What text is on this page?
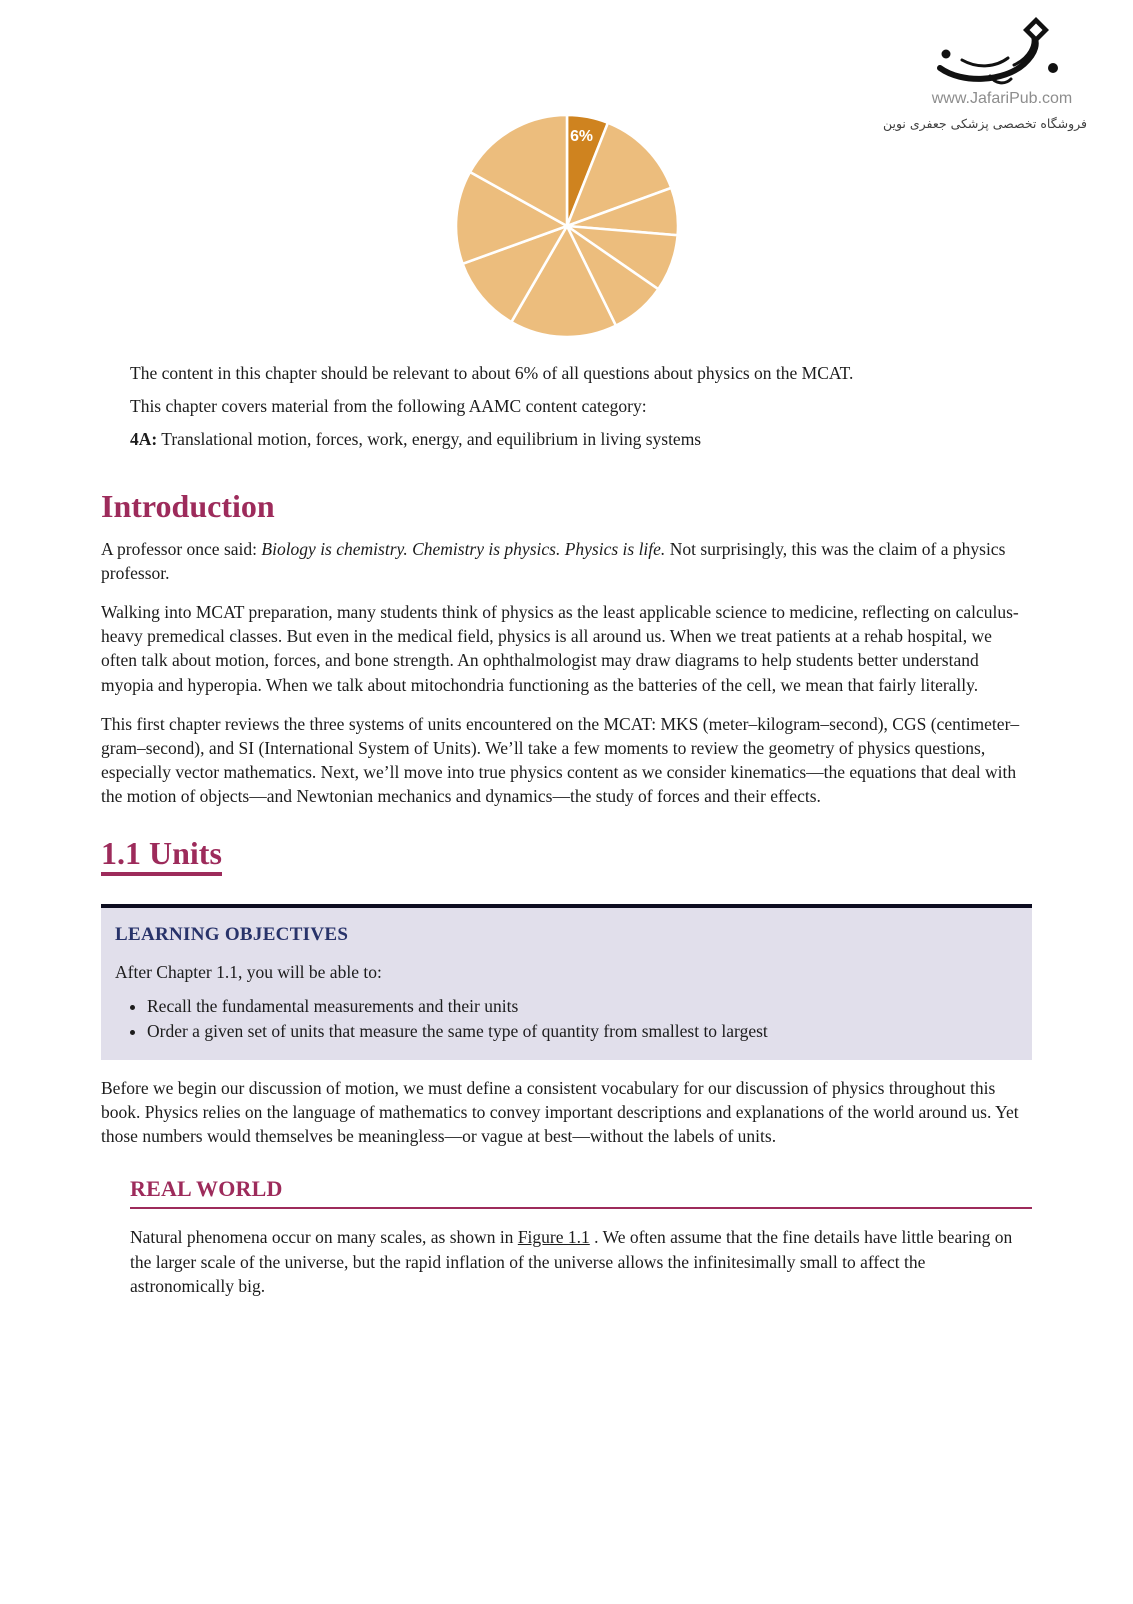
www.JafariPub.com
فروشگاه تخصصی پزشکی جعفری نوین
6%

The content in this chapter should be relevant to about 6% of all questions about physics on the MCAT.

This chapter covers material from the following AAMC content category:

4A: Translational motion, forces, work, energy, and equilibrium in living systems

Introduction

A professor once said: Biology is chemistry. Chemistry is physics. Physics is life. Not surprisingly, this was the claim of a physics professor.

Walking into MCAT preparation, many students think of physics as the least applicable science to medicine, reflecting on calculus-heavy premedical classes. But even in the medical field, physics is all around us. When we treat patients at a rehab hospital, we often talk about motion, forces, and bone strength. An ophthalmologist may draw diagrams to help students better understand myopia and hyperopia. When we talk about mitochondria functioning as the batteries of the cell, we mean that fairly literally.

This first chapter reviews the three systems of units encountered on the MCAT: MKS (meter–kilogram–second), CGS (centimeter–gram–second), and SI (International System of Units). We’ll take a few moments to review the geometry of physics questions, especially vector mathematics. Next, we’ll move into true physics content as we consider kinematics—the equations that deal with the motion of objects—and Newtonian mechanics and dynamics—the study of forces and their effects.

1.1 Units
LEARNING OBJECTIVES

After Chapter 1.1, you will be able to:

• Recall the fundamental measurements and their units
• Order a given set of units that measure the same type of quantity from smallest to largest

Before we begin our discussion of motion, we must define a consistent vocabulary for our discussion of physics throughout this book. Physics relies on the language of mathematics to convey important descriptions and explanations of the world around us. Yet those numbers would themselves be meaningless—or vague at best—without the labels of units.

REAL WORLD

Natural phenomena occur on many scales, as shown in Figure 1.1 . We often assume that the fine details have little bearing on the larger scale of the universe, but the rapid inflation of the universe allows the infinitesimally small to affect the astronomically big.
